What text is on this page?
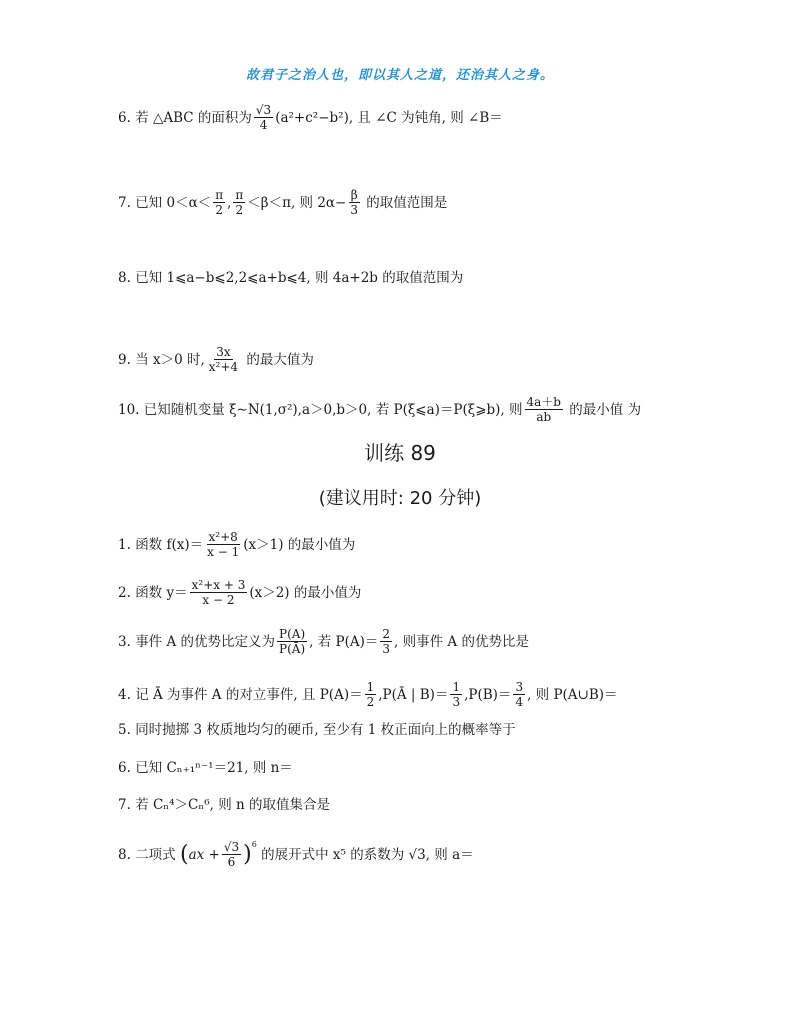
故君子之治人也，即以其人之道，还治其人之身。
6.
若 △ABC 的面积为 $\frac{√3}{4} (a^2+c^2-b^2)$, 且 ∠C 为钝角, 则 ∠B＝
7.
已知 $0<\alpha< \frac{\pi}{2}$ , $\frac{\pi}{2} <\beta<\pi$, 则 $2\alpha- \frac{\beta}{3}$
的取值范围是
8.
已知 1⩽a−b⩽2,2⩽a+b⩽4, 则 4a+2b 的取值范围为
9.
当 x＞0 时, $\frac{3x}{\text{x²+4}}$
的最大值为
10.
已知随机变量 ξ∼N(1,σ²),a＞0,b＞0, 若 P(ξ⩽a)＝P(ξ⩾b), 则 $\frac{4a+b}{ab}$
的最小值 为
训练 89
(建议用时: 20 分钟)
1.
函数 $f(x)= \frac{\text{x²+8}}{x - 1} (x>1)$ 的最小值为
2.
函数 $y= \frac{\text{x²+x + 3}}{x - 2} (x>2)$ 的最小值为
3.
事件 A 的优势比定义为 $\frac{P(A)}{P(Ā)}$ , 若 $P(A)= \frac{2}{3}$ , 则事件 A 的优势比是
4.
记 Ā 为事件 A 的对立事件, 且 $P(A)= \frac{1}{2}$ ,P(Ā | $B)= \frac{1}{3} ,P(B)= \frac{3}{4}$ , 则 P(A∪B)＝
5.
同时抛掷 3 枚质地均匀的硬币, 至少有 1 枚正面向上的概率等于
6.
已知 Cₙ₊₁ⁿ⁻¹＝21, 则 n＝
7.
若 Cₙ⁴＞Cₙ⁶, 则 n 的取值集合是
8.
二项式
( ax + $\frac{√3}{6} )^6$

的展开式中 x⁵ 的系数为 √3, 则 a＝
